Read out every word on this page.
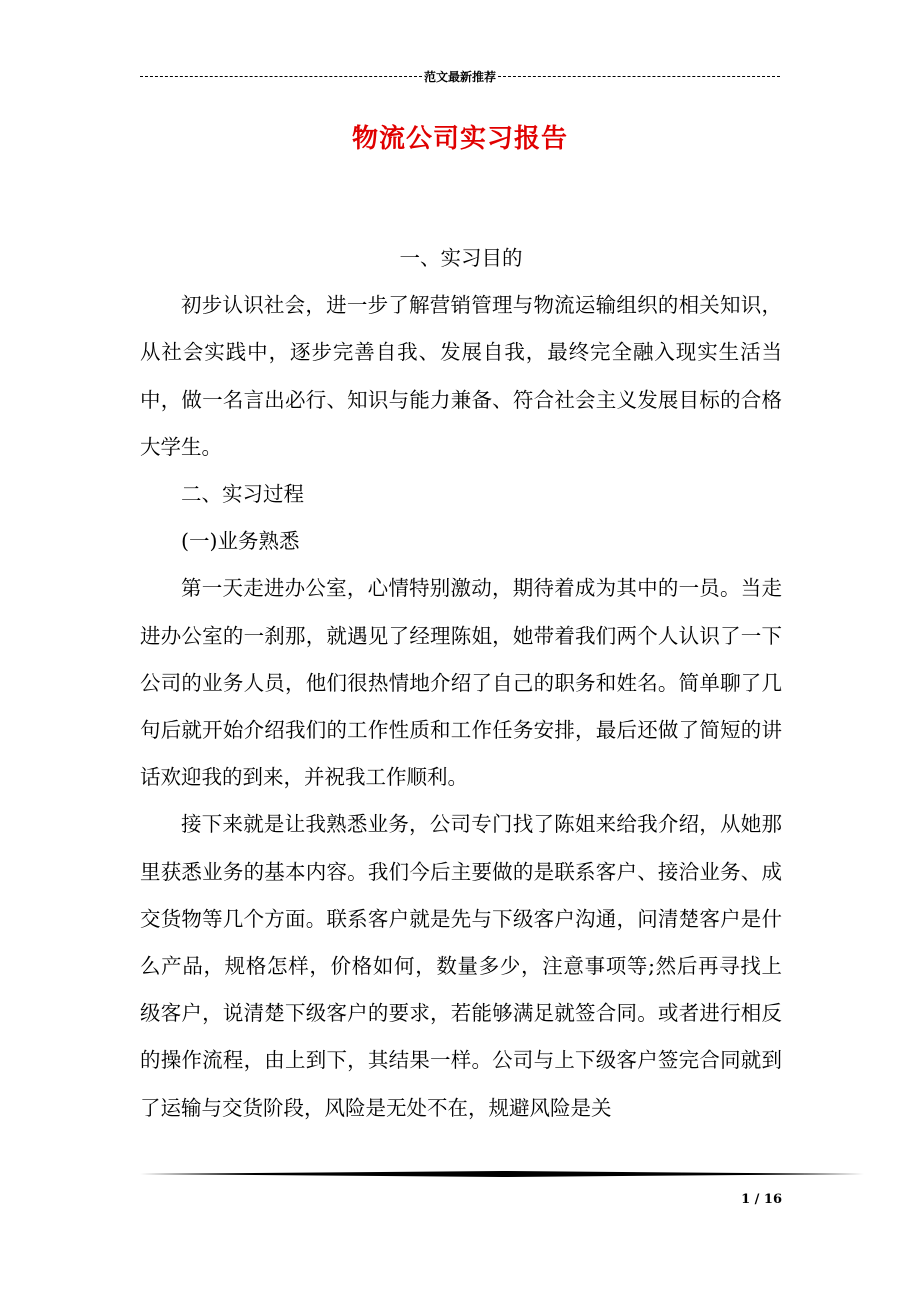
范文最新推荐
物流公司实习报告

一、实习目的

初步认识社会，进一步了解营销管理与物流运输组织的相关知识，从社会实践中，逐步完善自我、发展自我，最终完全融入现实生活当中，做一名言出必行、知识与能力兼备、符合社会主义发展目标的合格大学生。

二、实习过程

(一)业务熟悉

第一天走进办公室，心情特别激动，期待着成为其中的一员。当走进办公室的一刹那，就遇见了经理陈姐，她带着我们两个人认识了一下公司的业务人员，他们很热情地介绍了自己的职务和姓名。简单聊了几句后就开始介绍我们的工作性质和工作任务安排，最后还做了简短的讲话欢迎我的到来，并祝我工作顺利。

接下来就是让我熟悉业务，公司专门找了陈姐来给我介绍，从她那里获悉业务的基本内容。我们今后主要做的是联系客户、接洽业务、成交货物等几个方面。联系客户就是先与下级客户沟通，问清楚客户是什么产品，规格怎样，价格如何，数量多少，注意事项等;然后再寻找上级客户，说清楚下级客户的要求，若能够满足就签合同。或者进行相反的操作流程，由上到下，其结果一样。公司与上下级客户签完合同就到了运输与交货阶段，风险是无处不在，规避风险是关

1 / 16
